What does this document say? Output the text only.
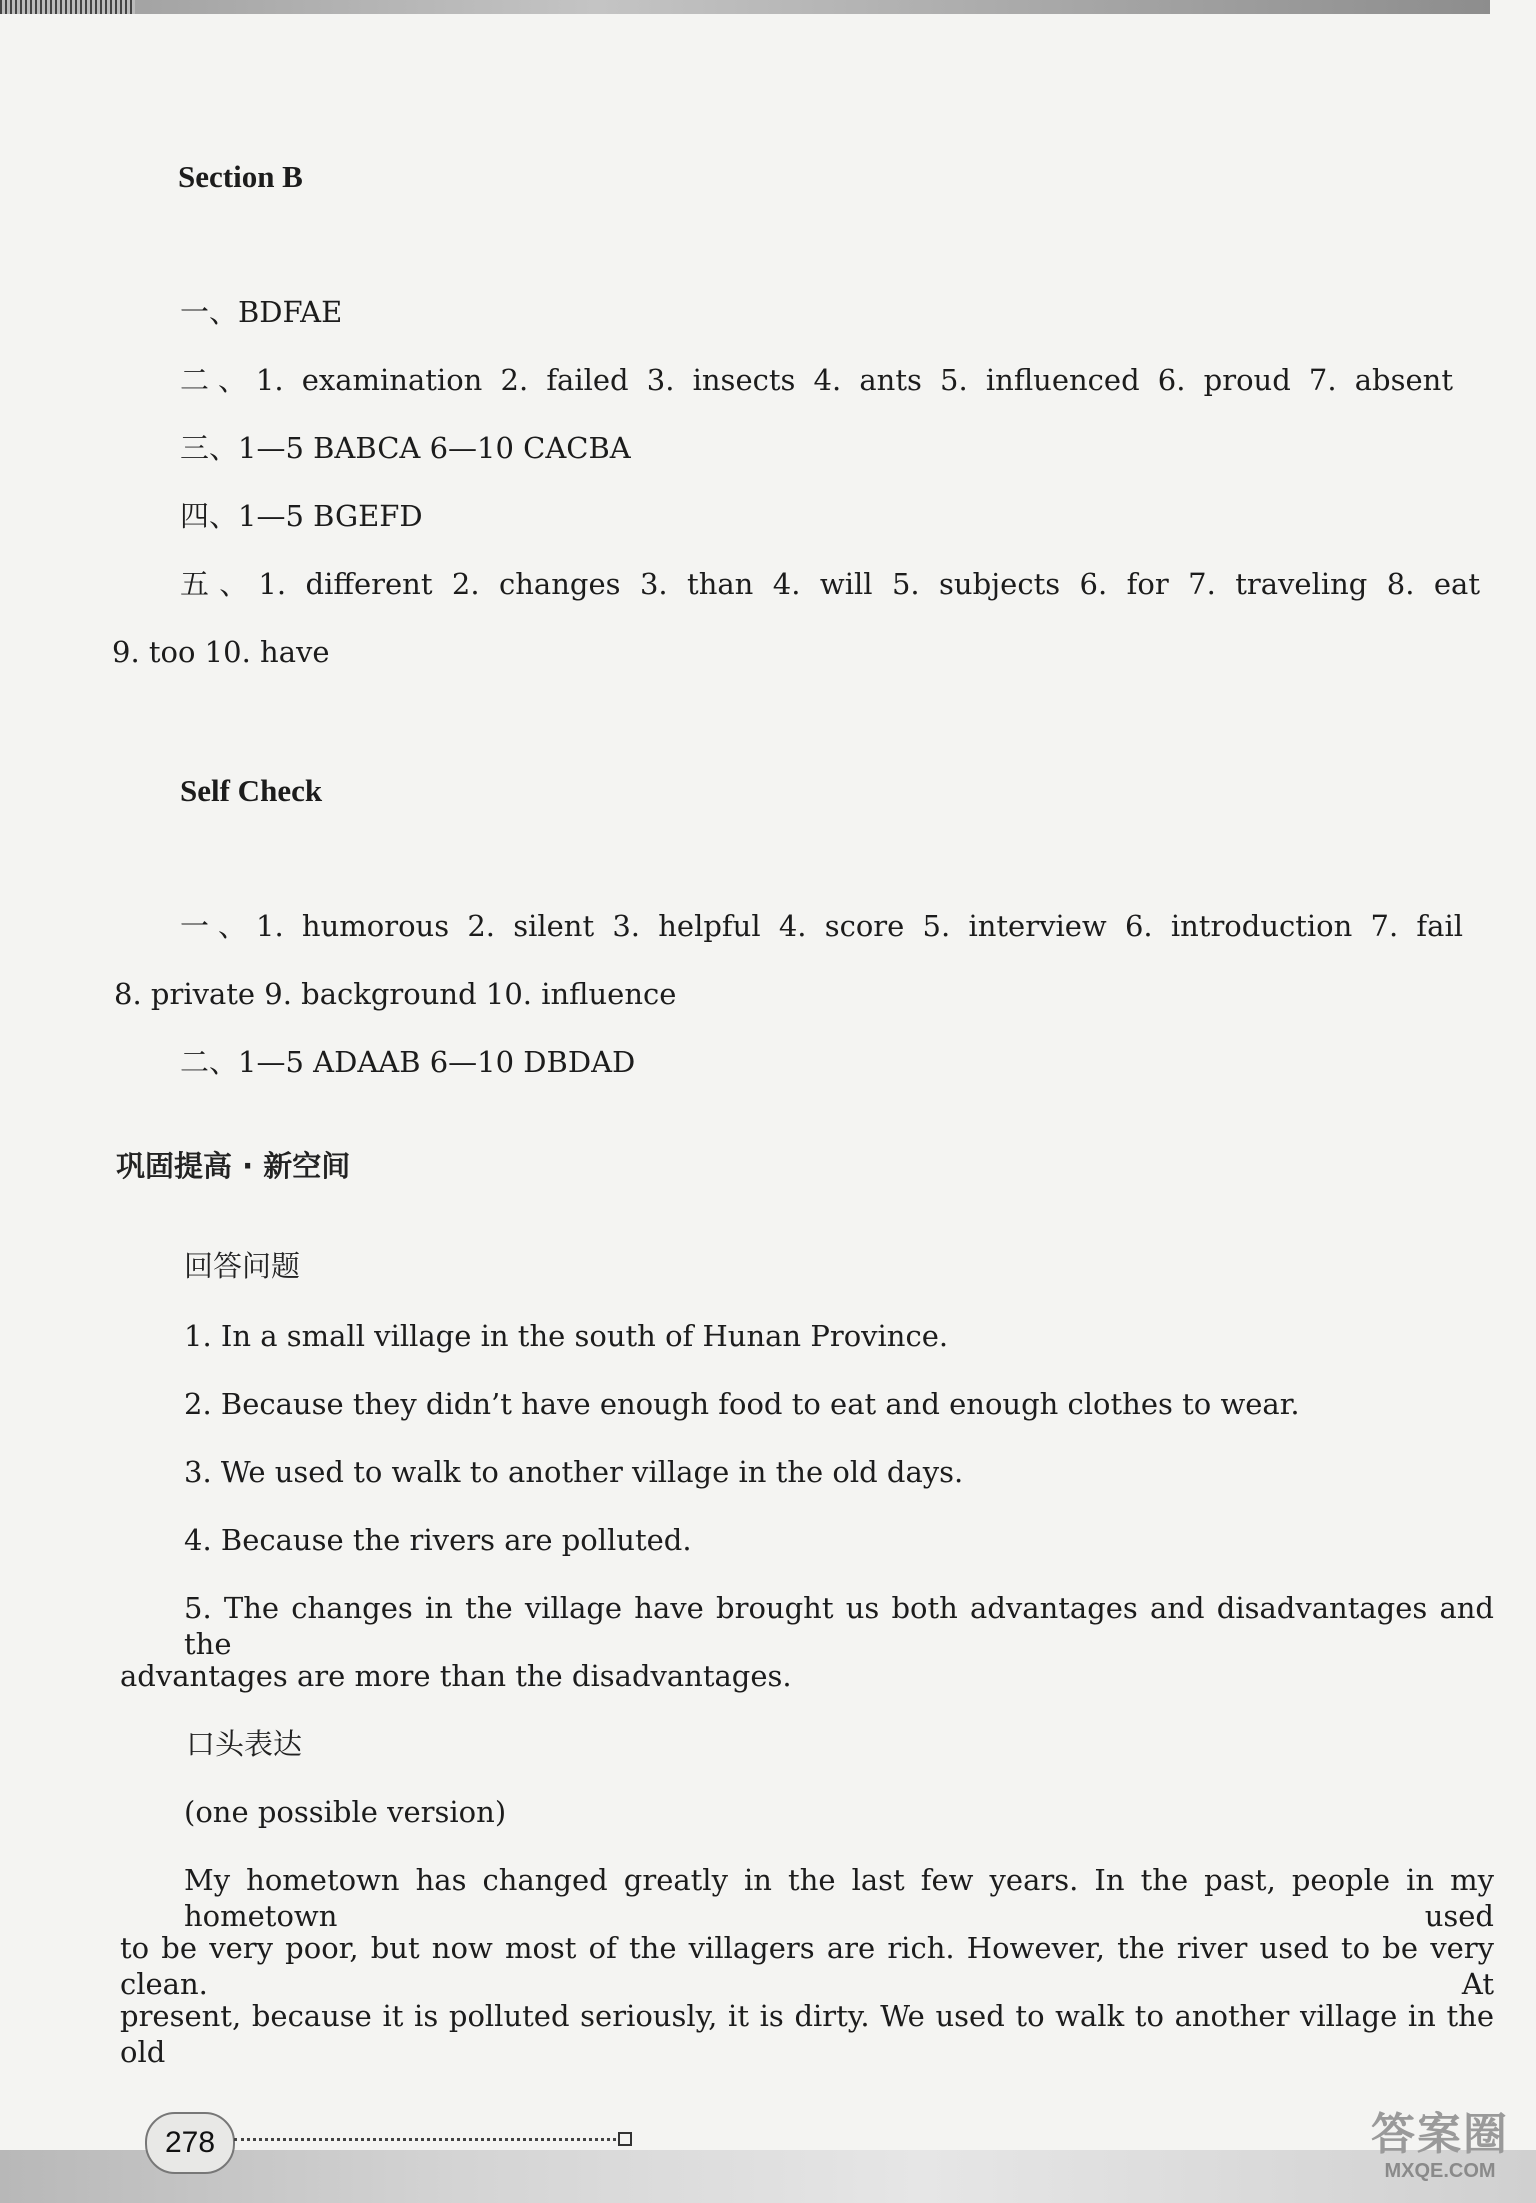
Section B
一、BDFAE
二、1. examination 2. failed 3. insects 4. ants 5. influenced 6. proud 7. absent
三、1—5 BABCA 6—10 CACBA
四、1—5 BGEFD
五、1. different 2. changes 3. than 4. will 5. subjects 6. for 7. traveling 8. eat
9. too 10. have
Self Check
一、1. humorous 2. silent 3. helpful 4. score 5. interview 6. introduction 7. fail
8. private 9. background 10. influence
二、1—5 ADAAB 6—10 DBDAD
巩固提高 · 新空间
回答问题
1. In a small village in the south of Hunan Province.
2. Because they didn’t have enough food to eat and enough clothes to wear.
3. We used to walk to another village in the old days.
4. Because the rivers are polluted.
5. The changes in the village have brought us both advantages and disadvantages and the
advantages are more than the disadvantages.
口头表达
(one possible version)
My hometown has changed greatly in the last few years. In the past, people in my hometown used
to be very poor, but now most of the villagers are rich. However, the river used to be very clean. At
present, because it is polluted seriously, it is dirty. We used to walk to another village in the old
278	答案圈
MXQE.COM
